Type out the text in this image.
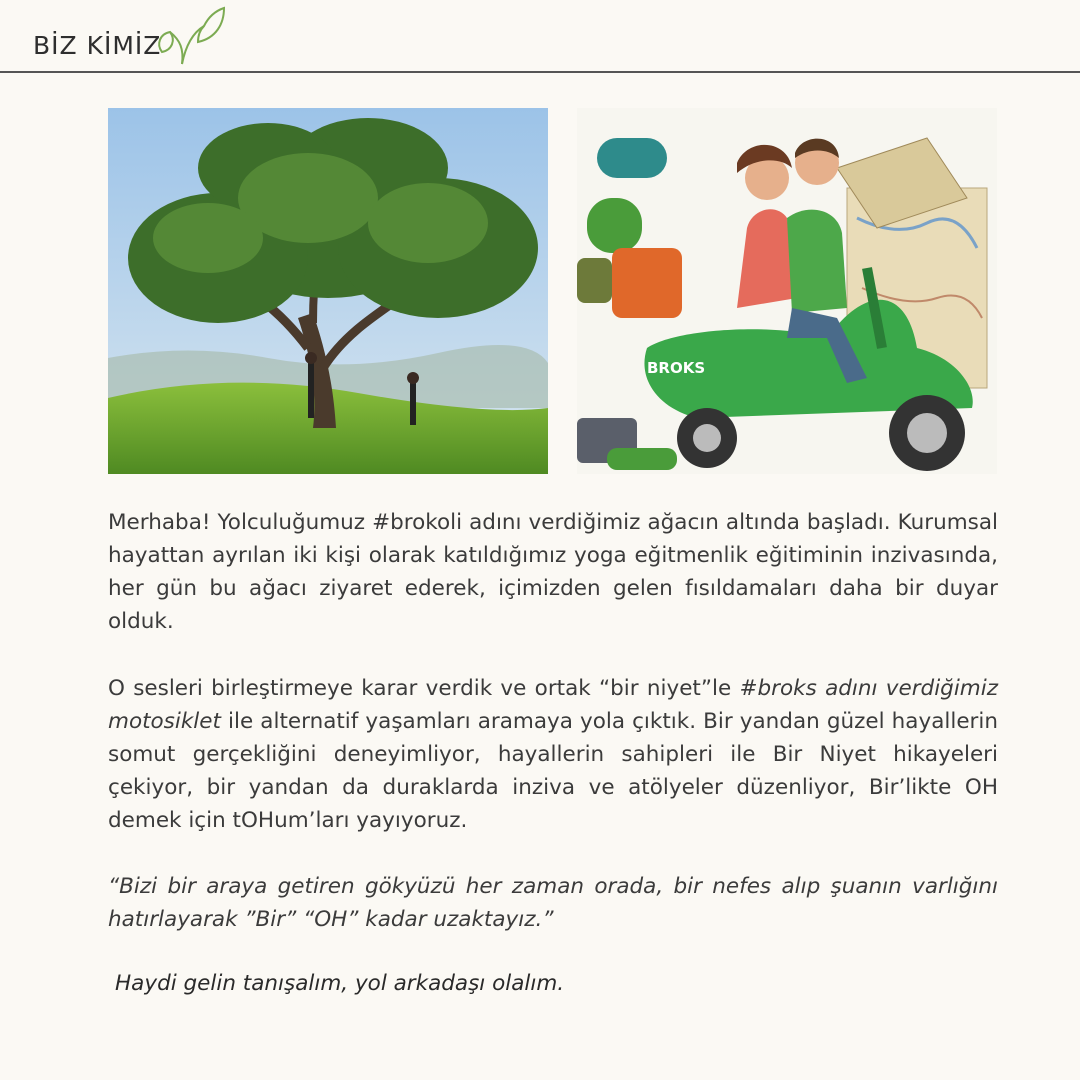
BİZ KİMİZ
BROKS
Merhaba! Yolculuğumuz #brokoli adını verdiğimiz ağacın altında başladı. Kurumsal hayattan ayrılan iki kişi olarak katıldığımız yoga eğitmenlik eğitiminin inzivasında, her gün bu ağacı ziyaret ederek, içimizden gelen fısıldamaları daha bir duyar olduk.
O sesleri birleştirmeye karar verdik ve ortak “bir niyet”le #broks adını verdiğimiz motosiklet ile alternatif yaşamları aramaya yola çıktık. Bir yandan güzel hayallerin somut gerçekliğini deneyimliyor, hayallerin sahipleri ile Bir Niyet hikayeleri çekiyor, bir yandan da duraklarda inziva ve atölyeler düzenliyor, Bir’likte OH demek için tOHum’ları yayıyoruz.
“Bizi bir araya getiren gökyüzü her zaman orada, bir nefes alıp şuanın varlığını hatırlayarak ”Bir” “OH” kadar uzaktayız.”
Haydi gelin tanışalım, yol arkadaşı olalım.
